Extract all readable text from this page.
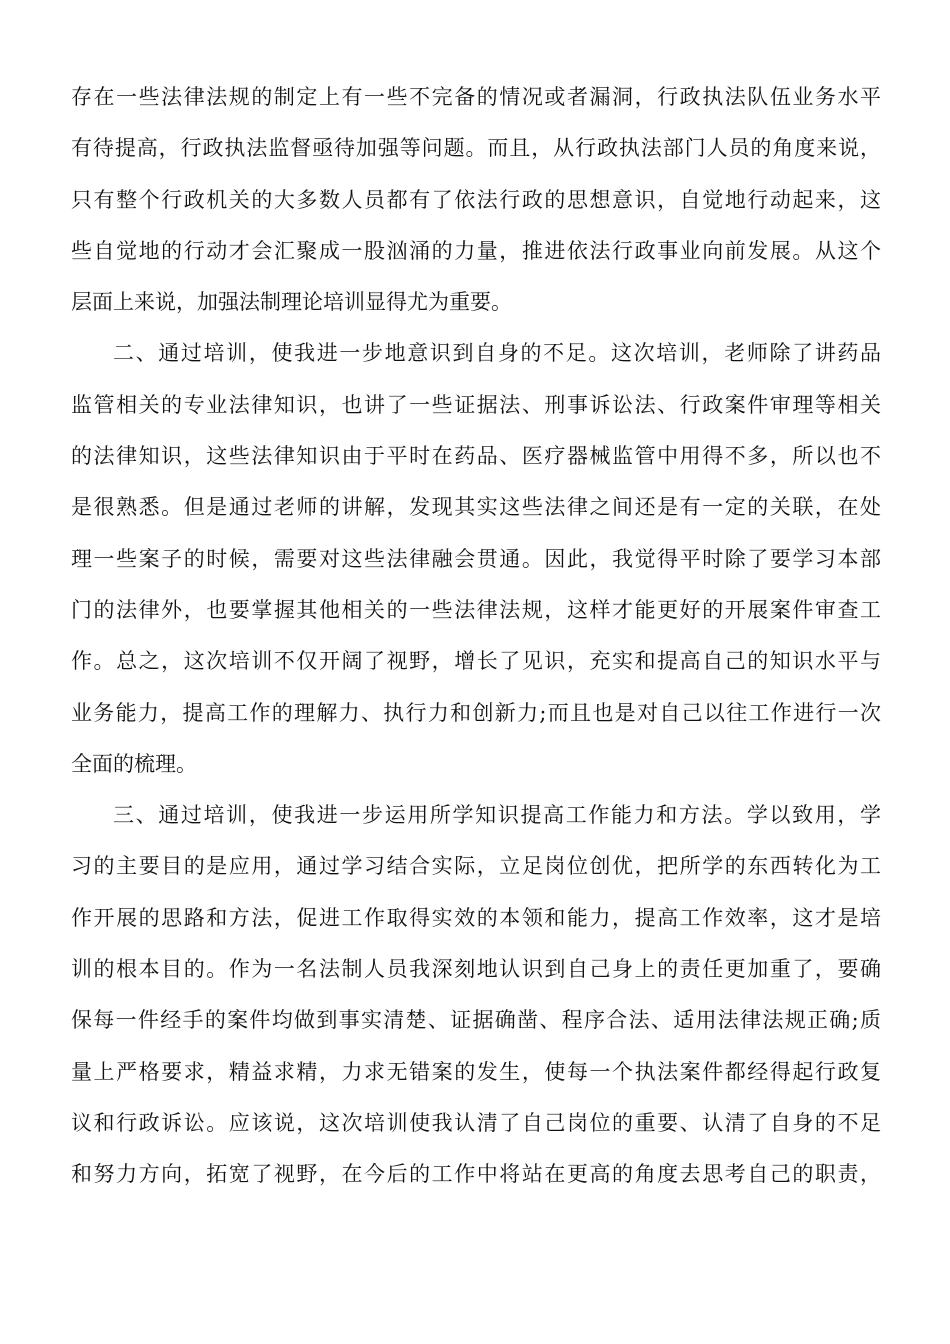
存在一些法律法规的制定上有一些不完备的情况或者漏洞，行政执法队伍业务水平
有待提高，行政执法监督亟待加强等问题。而且，从行政执法部门人员的角度来说，
只有整个行政机关的大多数人员都有了依法行政的思想意识，自觉地行动起来，这
些自觉地的行动才会汇聚成一股汹涌的力量，推进依法行政事业向前发展。从这个
层面上来说，加强法制理论培训显得尤为重要。
二、通过培训，使我进一步地意识到自身的不足。这次培训，老师除了讲药品
监管相关的专业法律知识，也讲了一些证据法、刑事诉讼法、行政案件审理等相关
的法律知识，这些法律知识由于平时在药品、医疗器械监管中用得不多，所以也不
是很熟悉。但是通过老师的讲解，发现其实这些法律之间还是有一定的关联，在处
理一些案子的时候，需要对这些法律融会贯通。因此，我觉得平时除了要学习本部
门的法律外，也要掌握其他相关的一些法律法规，这样才能更好的开展案件审查工
作。总之，这次培训不仅开阔了视野，增长了见识，充实和提高自己的知识水平与
业务能力，提高工作的理解力、执行力和创新力;而且也是对自己以往工作进行一次
全面的梳理。
三、通过培训，使我进一步运用所学知识提高工作能力和方法。学以致用，学
习的主要目的是应用，通过学习结合实际，立足岗位创优，把所学的东西转化为工
作开展的思路和方法，促进工作取得实效的本领和能力，提高工作效率，这才是培
训的根本目的。作为一名法制人员我深刻地认识到自己身上的责任更加重了，要确
保每一件经手的案件均做到事实清楚、证据确凿、程序合法、适用法律法规正确;质
量上严格要求，精益求精，力求无错案的发生，使每一个执法案件都经得起行政复
议和行政诉讼。应该说，这次培训使我认清了自己岗位的重要、认清了自身的不足
和努力方向，拓宽了视野，在今后的工作中将站在更高的角度去思考自己的职责，
